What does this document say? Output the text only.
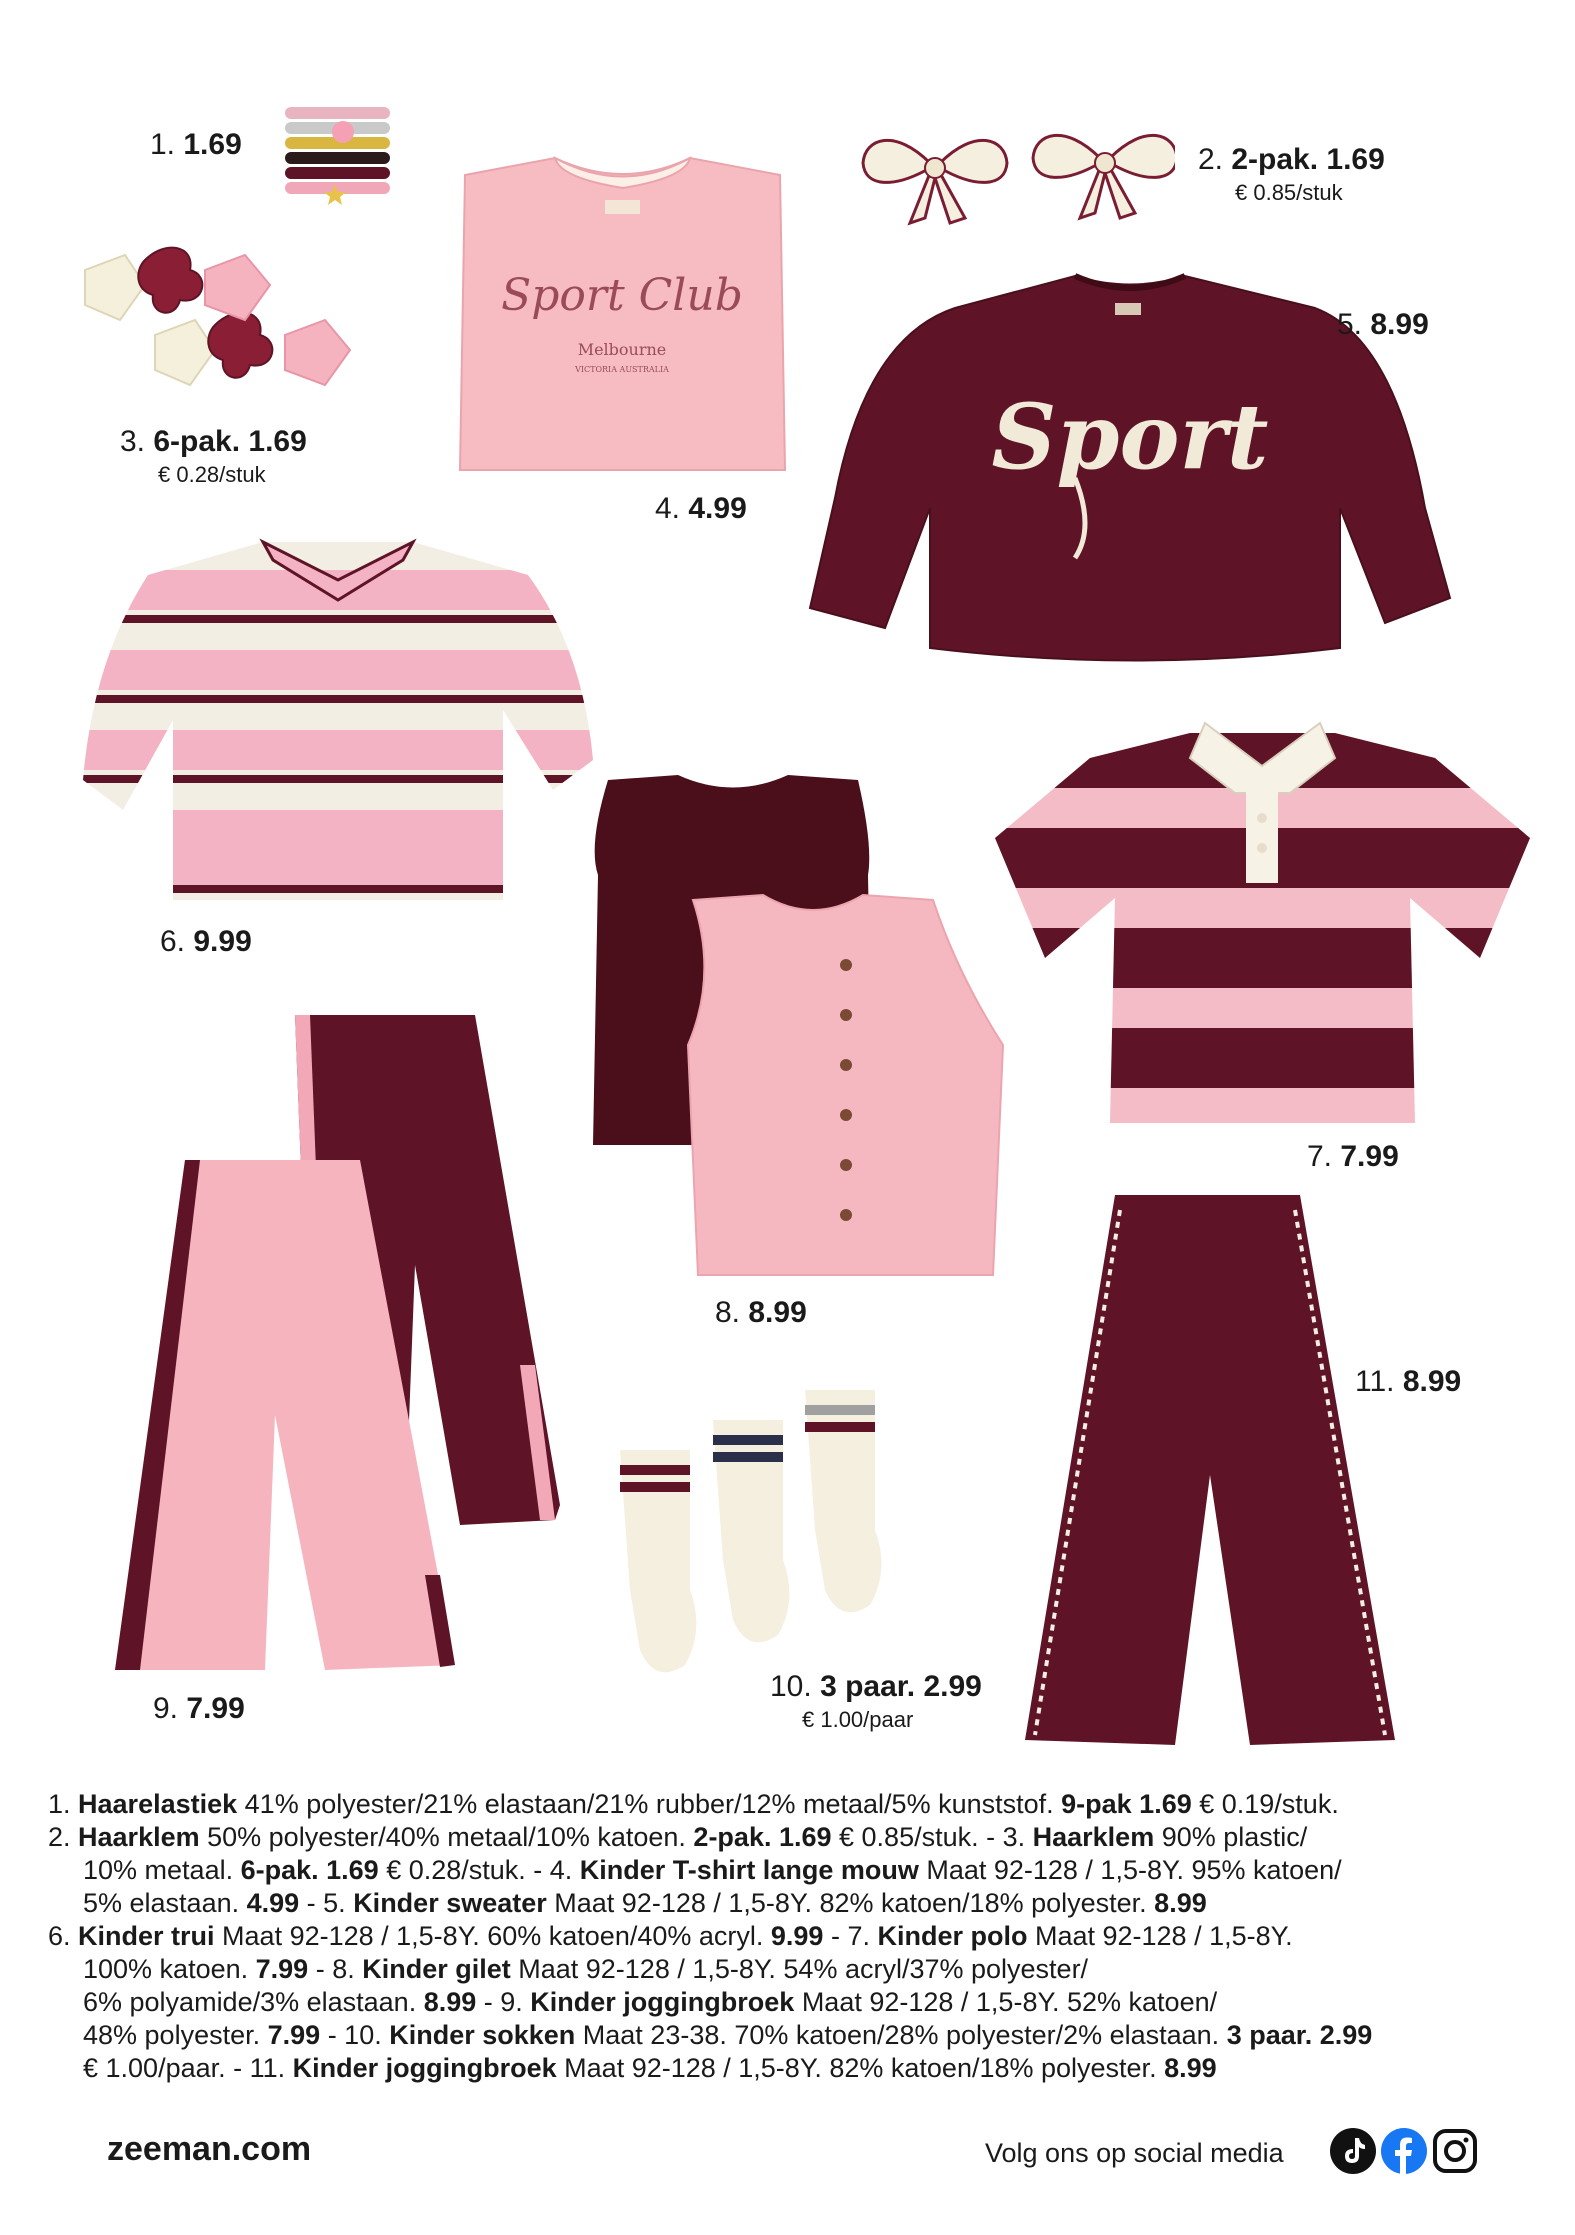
Sport Club
Melbourne
VICTORIA AUSTRALIA
Sport
1. 1.69	2. 2-pak. 1.69
€ 0.85/stuk
3. 6-pak. 1.69
€ 0.28/stuk
4. 4.99
5. 8.99
6. 9.99
7. 7.99
8. 8.99
9. 7.99
10. 3 paar. 2.99
€ 1.00/paar
11. 8.99
1. Haarelastiek 41% polyester/21% elastaan/21% rubber/12% metaal/5% kunststof. 9-pak 1.69 € 0.19/stuk.
2. Haarklem 50% polyester/40% metaal/10% katoen. 2-pak. 1.69 € 0.85/stuk. - 3. Haarklem 90% plastic/
10% metaal. 6-pak. 1.69 € 0.28/stuk. - 4. Kinder T-shirt lange mouw Maat 92-128 / 1,5-8Y. 95% katoen/
5% elastaan. 4.99 - 5. Kinder sweater Maat 92-128 / 1,5-8Y. 82% katoen/18% polyester. 8.99
6. Kinder trui Maat 92-128 / 1,5-8Y. 60% katoen/40% acryl. 9.99 - 7. Kinder polo Maat 92-128 / 1,5-8Y.
100% katoen. 7.99 - 8. Kinder gilet Maat 92-128 / 1,5-8Y. 54% acryl/37% polyester/
6% polyamide/3% elastaan. 8.99 - 9. Kinder joggingbroek Maat 92-128 / 1,5-8Y. 52% katoen/
48% polyester. 7.99 - 10. Kinder sokken Maat 23-38. 70% katoen/28% polyester/2% elastaan. 3 paar. 2.99
€ 1.00/paar. - 11. Kinder joggingbroek Maat 92-128 / 1,5-8Y. 82% katoen/18% polyester. 8.99
zeeman.com	Volg ons op social media
